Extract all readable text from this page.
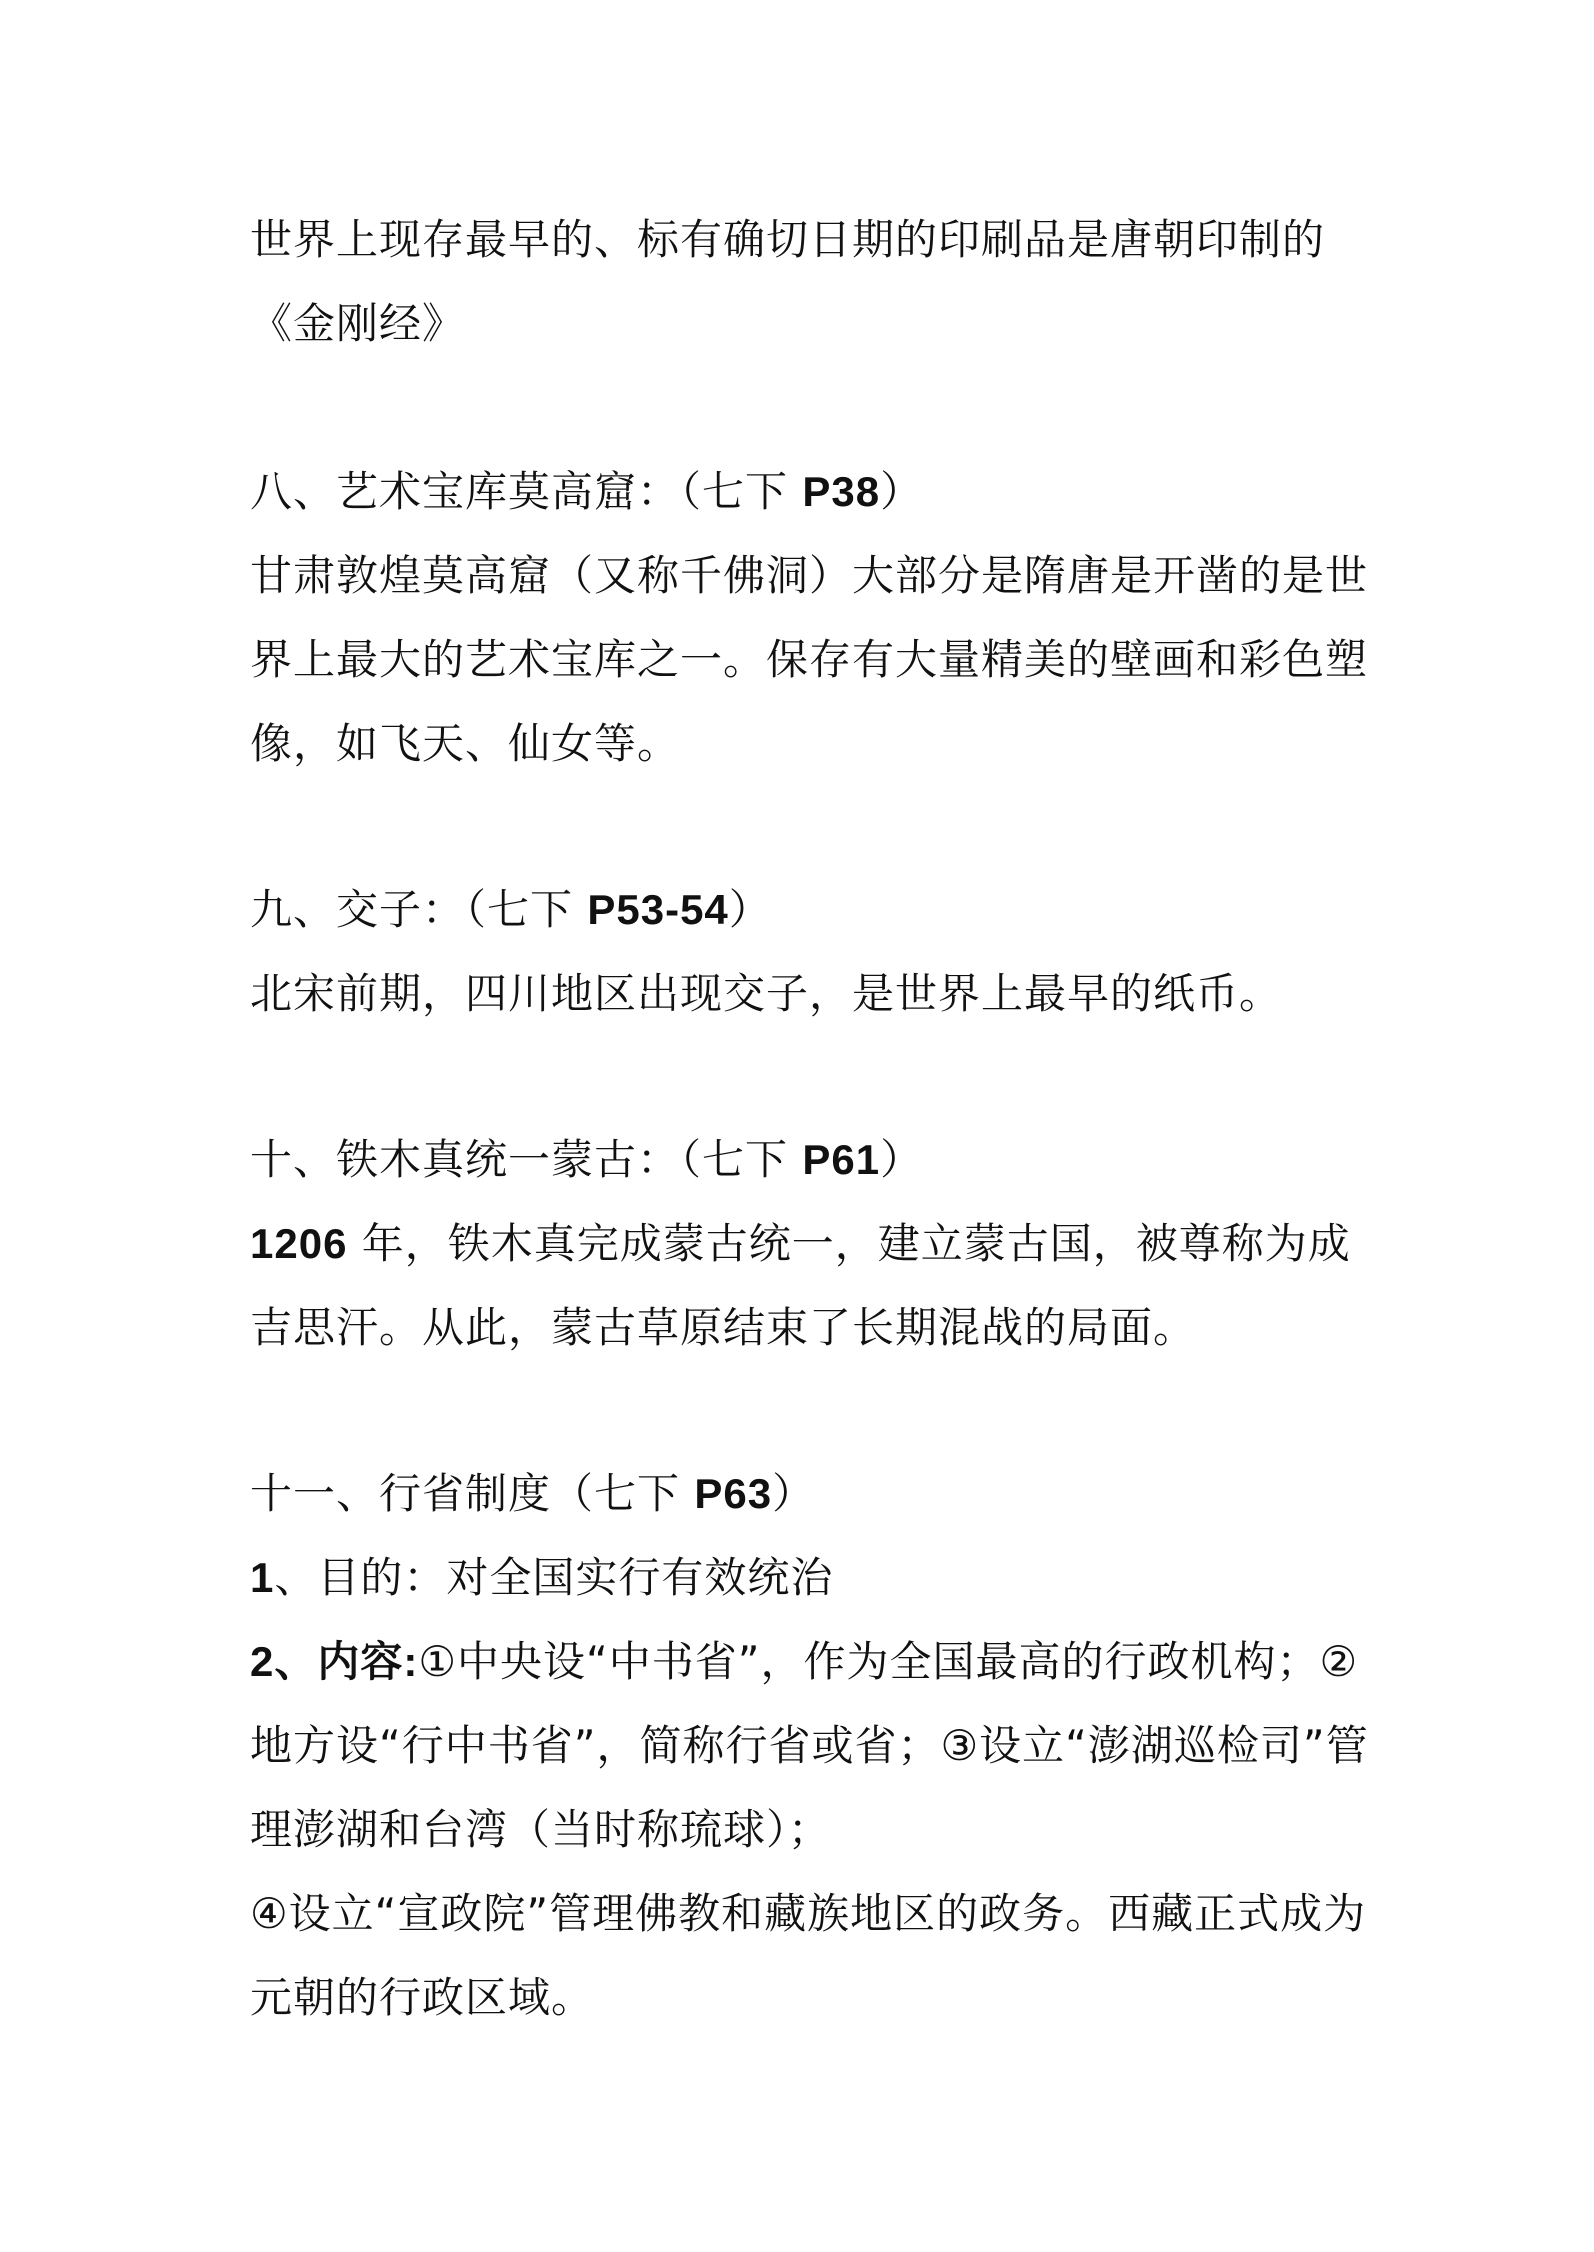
世界上现存最早的、标有确切日期的印刷品是唐朝印制的
《金刚经》
八、艺术宝库莫高窟：（七下 P38）
甘肃敦煌莫高窟（又称千佛洞）大部分是隋唐是开凿的是世
界上最大的艺术宝库之一。保存有大量精美的壁画和彩色塑
像，如飞天、仙女等。
九、交子：（七下 P53-54）
北宋前期，四川地区出现交子，是世界上最早的纸币。
十、铁木真统一蒙古：（七下 P61）
1206 年，铁木真完成蒙古统一，建立蒙古国，被尊称为成
吉思汗。从此，蒙古草原结束了长期混战的局面。
十一、行省制度（七下 P63）
1、目的：对全国实行有效统治
2、内容:①中央设“中书省”，作为全国最高的行政机构；②
地方设“行中书省”，简称行省或省；③设立“澎湖巡检司”管
理澎湖和台湾（当时称琉球）；
④设立“宣政院”管理佛教和藏族地区的政务。西藏正式成为
元朝的行政区域。
